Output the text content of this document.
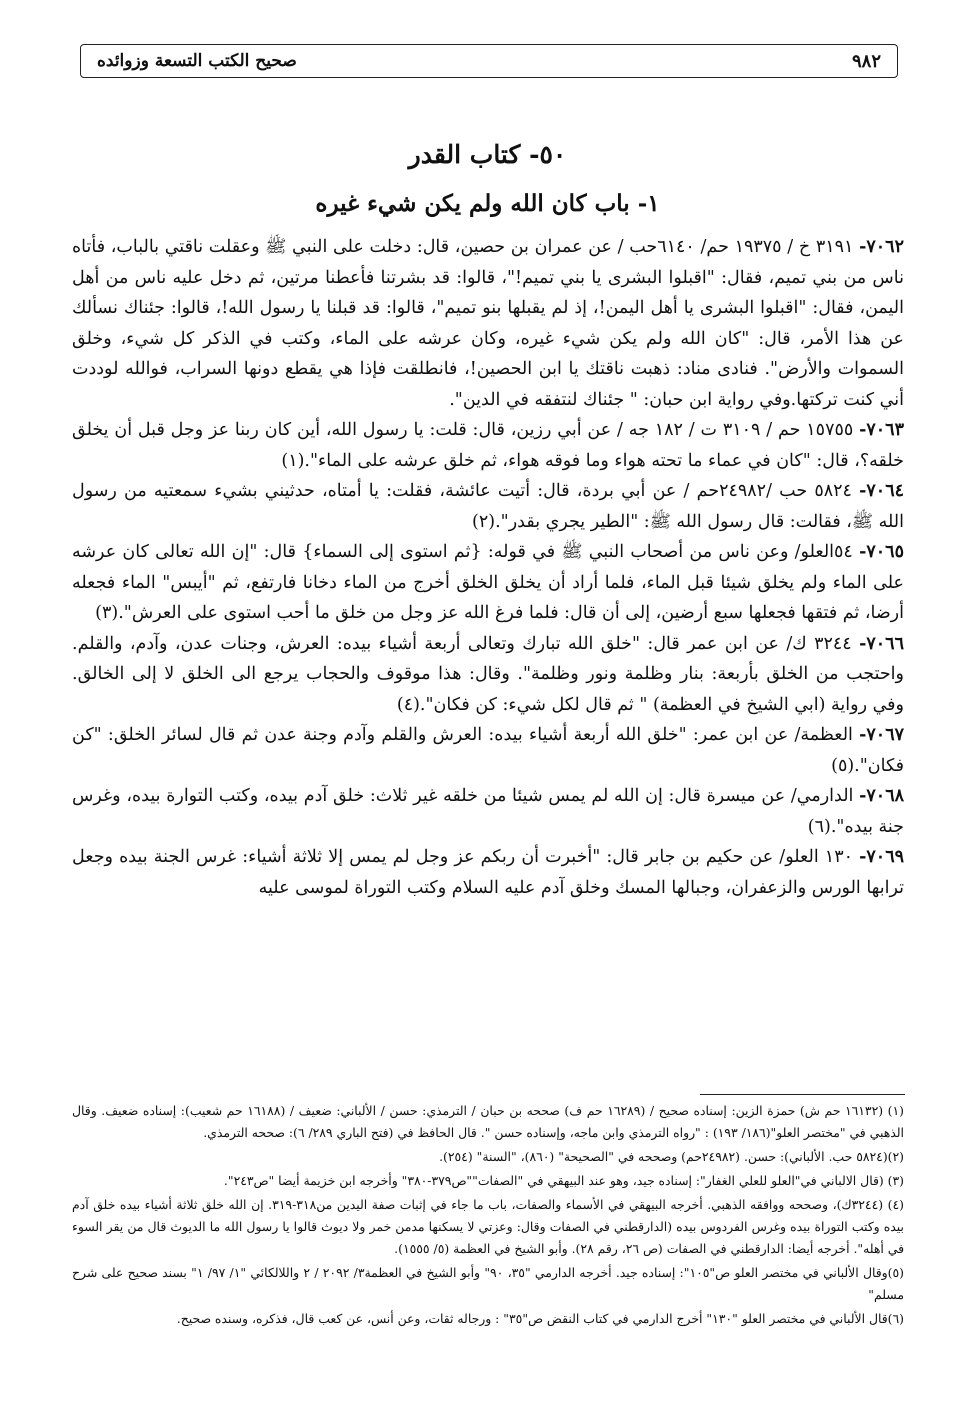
٩٨٢
صحيح الكتب التسعة وزوائده
٥٠- كتاب القدر
١- باب كان الله ولم يكن شيء غيره

٧٠٦٢- ٣١٩١ خ / ١٩٣٧٥ حم/ ٦١٤٠حب / عن عمران بن حصين، قال: دخلت على النبي ﷺ وعقلت ناقتي بالباب، فأتاه ناس من بني تميم، فقال: "اقبلوا البشرى يا بني تميم!"، قالوا: قد بشرتنا فأعطنا مرتين، ثم دخل عليه ناس من أهل اليمن، فقال: "اقبلوا البشرى يا أهل اليمن!، إذ لم يقبلها بنو تميم"، قالوا: قد قبلنا يا رسول الله!، قالوا: جئناك نسألك عن هذا الأمر، قال: "كان الله ولم يكن شيء غيره، وكان عرشه على الماء، وكتب في الذكر كل شيء، وخلق السموات والأرض". فنادى مناد: ذهبت ناقتك يا ابن الحصين!، فانطلقت فإذا هي يقطع دونها السراب، فوالله لوددت أني كنت تركتها.وفي رواية ابن حبان: " جئناك لنتفقه في الدين".

٧٠٦٣- ١٥٧٥٥ حم / ٣١٠٩ ت / ١٨٢ جه / عن أبي رزين، قال: قلت: يا رسول الله، أين كان ربنا عز وجل قبل أن يخلق خلقه؟، قال: "كان في عماء ما تحته هواء وما فوقه هواء، ثم خلق عرشه على الماء".(١)

٧٠٦٤- ٥٨٢٤ حب /٢٤٩٨٢حم / عن أبي بردة، قال: أتيت عائشة، فقلت: يا أمتاه، حدثيني بشيء سمعتيه من رسول الله ﷺ، فقالت: قال رسول الله ﷺ: "الطير يجري بقدر".(٢)

٧٠٦٥- ٥٤العلو/ وعن ناس من أصحاب النبي ﷺ في قوله: {ثم استوى إلى السماء} قال: "إن الله تعالى كان عرشه على الماء ولم يخلق شيئا قبل الماء، فلما أراد أن يخلق الخلق أخرج من الماء دخانا فارتفع، ثم "أيبس" الماء فجعله أرضا، ثم فتقها فجعلها سبع أرضين، إلى أن قال: فلما فرغ الله عز وجل من خلق ما أحب استوى على العرش".(٣)

٧٠٦٦- ٣٢٤٤ ك/ عن ابن عمر قال: "خلق الله تبارك وتعالى أربعة أشياء بيده: العرش، وجنات عدن، وآدم، والقلم. واحتجب من الخلق بأربعة: بنار وظلمة ونور وظلمة". وقال: هذا موقوف والحجاب يرجع الى الخلق لا إلى الخالق. وفي رواية (ابي الشيخ في العظمة) " ثم قال لكل شيء: كن فكان".(٤)

٧٠٦٧- العظمة/ عن ابن عمر: "خلق الله أربعة أشياء بيده: العرش والقلم وآدم وجنة عدن ثم قال لسائر الخلق: "كن فكان".(٥)

٧٠٦٨- الدارمي/ عن ميسرة قال: إن الله لم يمس شيئا من خلقه غير ثلاث: خلق آدم بيده، وكتب التوارة بيده، وغرس جنة بيده".(٦)

٧٠٦٩- ١٣٠ العلو/ عن حكيم بن جابر قال: "أخبرت أن ربكم عز وجل لم يمس إلا ثلاثة أشياء: غرس الجنة بيده وجعل ترابها الورس والزعفران، وجبالها المسك وخلق آدم عليه السلام وكتب التوراة لموسى عليه

(١) (١٦١٣٢ حم ش) حمزة الزين: إسناده صحيح / (١٦٢٨٩ حم ف) صححه بن حبان / الترمذي: حسن / الألباني: ضعيف / (١٦١٨٨ حم شعيب): إسناده ضعيف. وقال الذهبي في "مختصر العلو"(١٨٦/ ١٩٣) : "رواه الترمذي وابن ماجه، وإسناده حسن ". قال الحافظ في (فتح الباري ٢٨٩/ ٦): صححه الترمذي.

(٢)(٥٨٢٤ حب. الألباني): حسن. (٢٤٩٨٢حم) وصححه في "الصحيحة" (٨٦٠)، "السنة" (٢٥٤).

(٣) (قال الالباني في"العلو للعلي الغفار": إسناده جيد، وهو عند البيهقي في "الصفات""ص٣٧٩-٣٨٠" وأخرجه ابن خزيمة أيضا "ص٢٤٣".

(٤) (٣٢٤٤ك)، وصححه ووافقه الذهبي. أخرجه البيهقي في الأسماء والصفات، باب ما جاء في إثبات صفة اليدين من٣١٨-٣١٩. إن الله خلق ثلاثة أشياء بيده خلق آدم بيده وكتب التوراة بيده وغرس الفردوس بيده (الدارقطني في الصفات وقال: وعزتي لا يسكنها مدمن خمر ولا ديوث قالوا يا رسول الله ما الديوث قال من يقر السوء في أهله". أخرجه أيضا: الدارقطني في الصفات (ص ٢٦، رقم ٢٨). وأبو الشيخ في العظمة (٥/ ١٥٥٥).

(٥)وقال الألباني في مختصر العلو ص"١٠٥": إسناده جيد. أخرجه الدارمي "٣٥، ٩٠" وأبو الشيخ في العظمة٣/ ٢٠٩٢ / ٢ واللالكائي "١/ ٩٧/ ١" بسند صحيح على شرح مسلم"

(٦)قال الألباني في مختصر العلو "١٣٠" أخرج الدارمي في كتاب النقض ص"٣٥" : ورجاله ثقات، وعن أنس، عن كعب قال، فذكره، وسنده صحيح.
